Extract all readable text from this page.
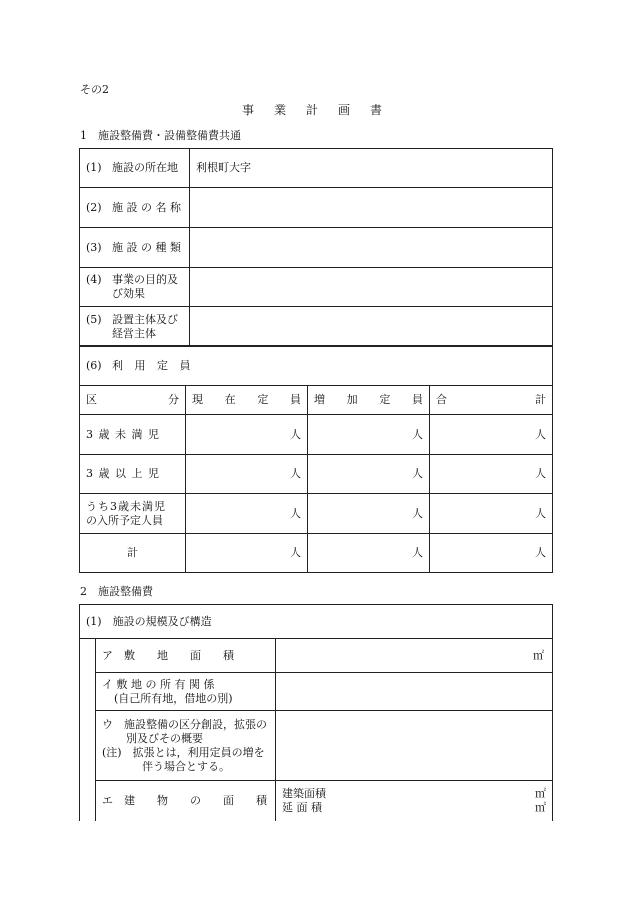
その2
事　業　計　画　書
1　施設整備費・設備整備費共通
(1) 施設の所在地	利根町大字
(2) 施 設 の 名 称	
(3) 施 設 の 種 類	

(4) 事業の目的及
び効果	

(5) 設置主体及び
経営主体	

(6) 利 用 定 員			

区 分	現 在 定 員	増 加 定 員	合 計

3 歳 未 満 児	人	人	人
3 歳 以 上 児	人	人	人

うち3歳未満児
の入所予定人員	人	人	人
計	人	人	人
2　施設整備費
(1)　施設の規模及び構造		
	ア　敷　　地　　面　　積	㎡

	イ 敷 地 の 所 有 関 係
(自己所有地，借地の別)	

	ウ　施設整備の区分創設，拡張の
別及びその概要
(注)　拡張とは，利用定員の増を
伴う場合とする。	

	エ　建　　物　　の　　面　　積	建築面積 ㎡
延 面 積 ㎡
